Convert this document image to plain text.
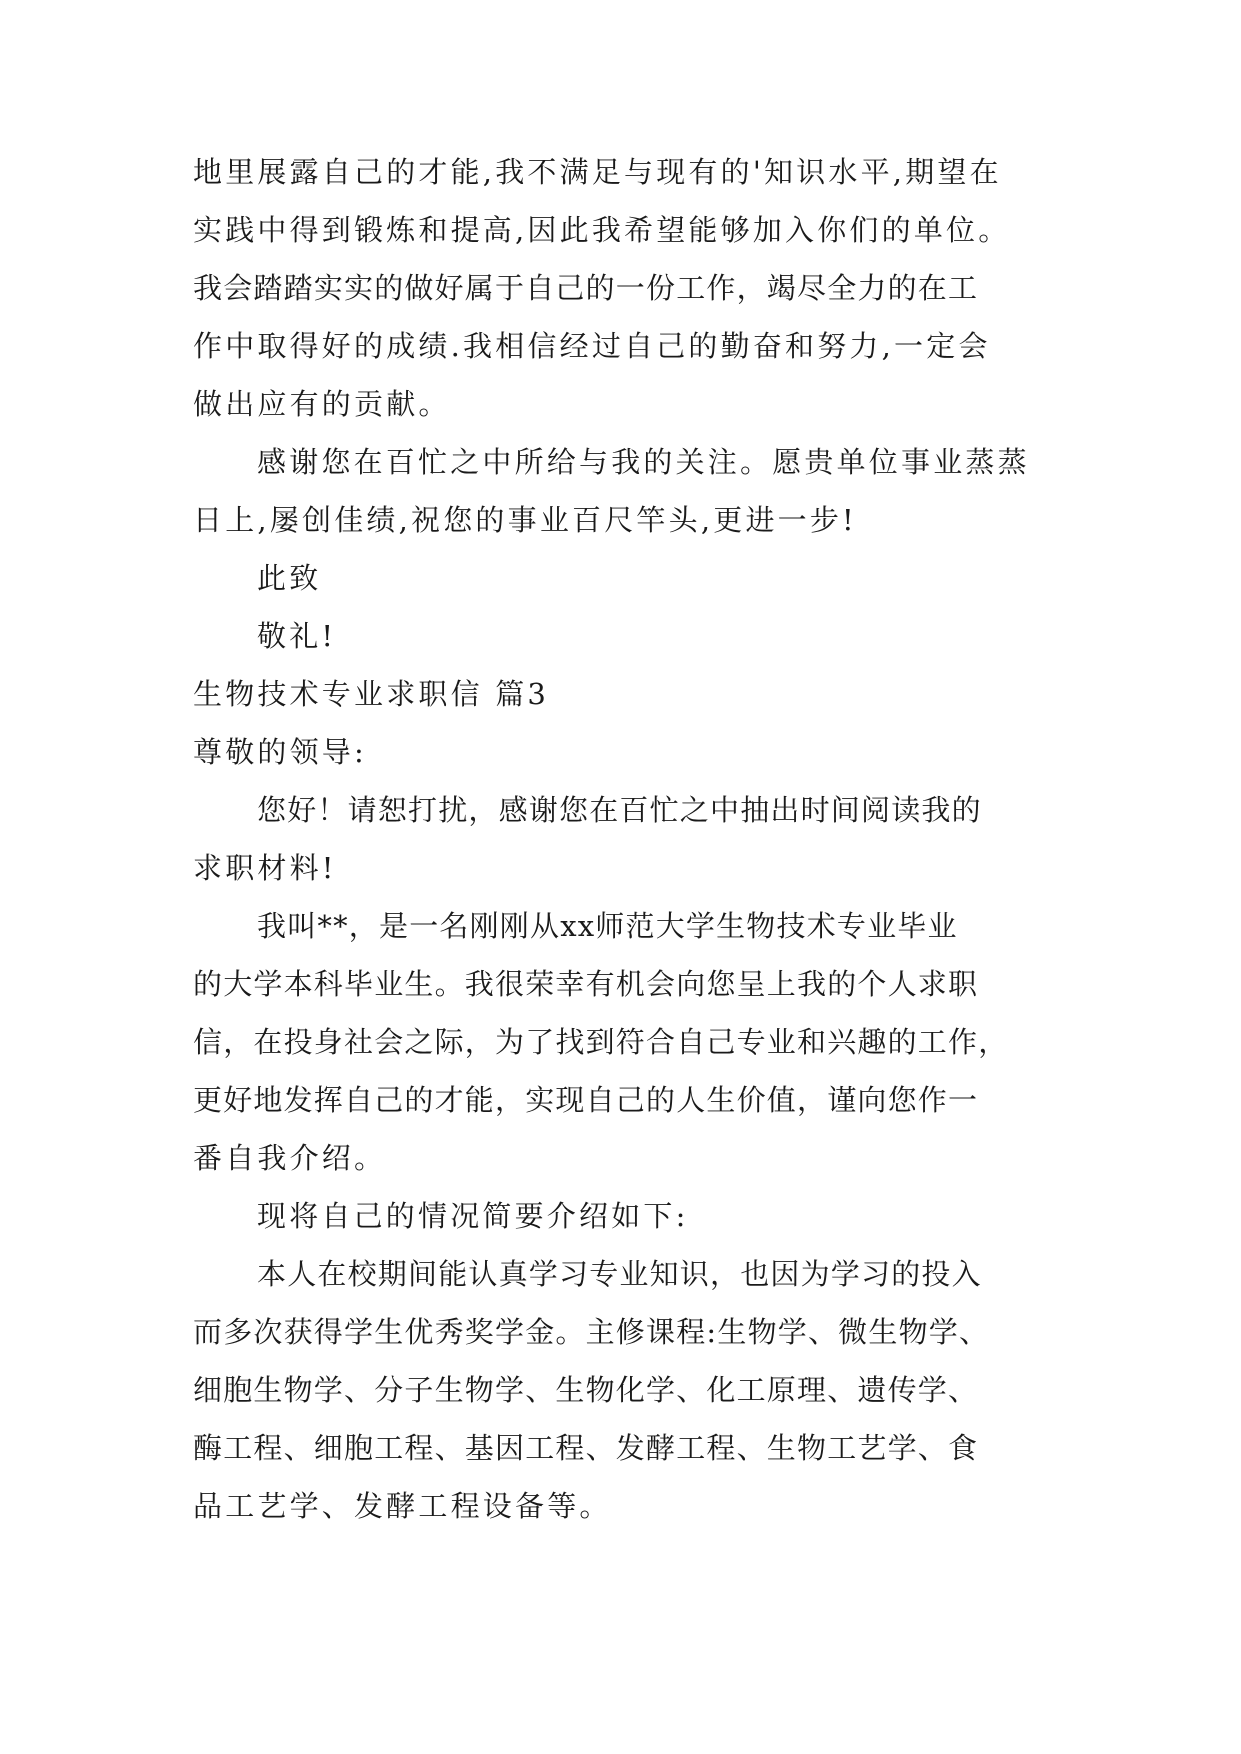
地里展露自己的才能,我不满足与现有的'知识水平,期望在
实践中得到锻炼和提高,因此我希望能够加入你们的单位。
我会踏踏实实的做好属于自己的一份工作，竭尽全力的在工
作中取得好的成绩.我相信经过自己的勤奋和努力,一定会
做出应有的贡献。
感谢您在百忙之中所给与我的关注。愿贵单位事业蒸蒸
日上,屡创佳绩,祝您的事业百尺竿头,更进一步!
此致
敬礼!
生物技术专业求职信 篇3
尊敬的领导:
您好！请恕打扰，感谢您在百忙之中抽出时间阅读我的
求职材料!
我叫**，是一名刚刚从xx师范大学生物技术专业毕业
的大学本科毕业生。我很荣幸有机会向您呈上我的个人求职
信，在投身社会之际，为了找到符合自己专业和兴趣的工作，
更好地发挥自己的才能，实现自己的人生价值，谨向您作一
番自我介绍。
现将自己的情况简要介绍如下:
本人在校期间能认真学习专业知识，也因为学习的投入
而多次获得学生优秀奖学金。主修课程:生物学、微生物学、
细胞生物学、分子生物学、生物化学、化工原理、遗传学、
酶工程、细胞工程、基因工程、发酵工程、生物工艺学、食
品工艺学、发酵工程设备等。
